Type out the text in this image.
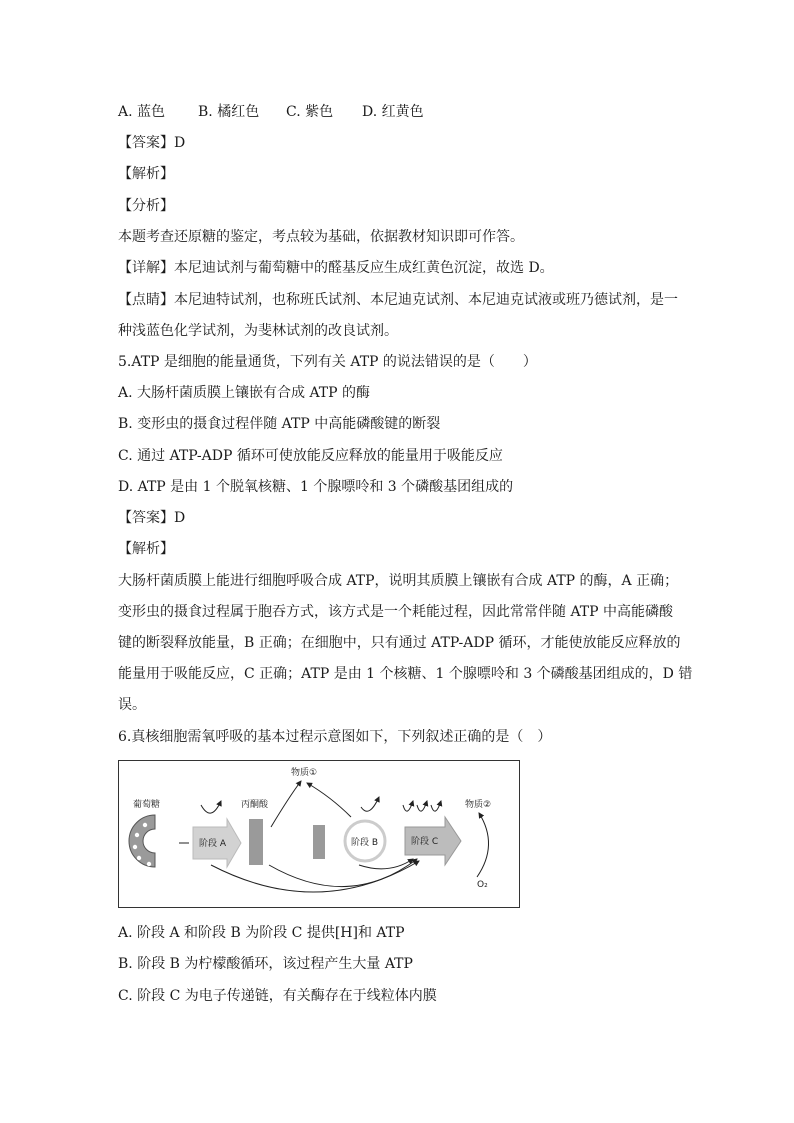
A. 蓝色 B. 橘红色 C. 紫色 D. 红黄色
【答案】D
【解析】
【分析】
本题考查还原糖的鉴定，考点较为基础，依据教材知识即可作答。
【详解】本尼迪试剂与葡萄糖中的醛基反应生成红黄色沉淀，故选 D。
【点睛】本尼迪特试剂，也称班氏试剂、本尼迪克试剂、本尼迪克试液或班乃德试剂，是一
种浅蓝色化学试剂，为斐林试剂的改良试剂。
5.ATP 是细胞的能量通货，下列有关 ATP 的说法错误的是（　　）
A. 大肠杆菌质膜上镶嵌有合成 ATP 的酶
B. 变形虫的摄食过程伴随 ATP 中高能磷酸键的断裂
C. 通过 ATP-ADP 循环可使放能反应释放的能量用于吸能反应
D. ATP 是由 1 个脱氧核糖、1 个腺嘌呤和 3 个磷酸基团组成的
【答案】D
【解析】
大肠杆菌质膜上能进行细胞呼吸合成 ATP，说明其质膜上镶嵌有合成 ATP 的酶，A 正确；
变形虫的摄食过程属于胞吞方式，该方式是一个耗能过程，因此常常伴随 ATP 中高能磷酸
键的断裂释放能量，B 正确；在细胞中，只有通过 ATP-ADP 循环，才能使放能反应释放的
能量用于吸能反应，C 正确；ATP 是由 1 个核糖、1 个腺嘌呤和 3 个磷酸基团组成的，D 错
误。
6.真核细胞需氧呼吸的基本过程示意图如下，下列叙述正确的是（　）
葡萄糖
阶段 A
丙酮酸
物质①
阶段 B	阶段 C
物质②
O₂
A. 阶段 A 和阶段 B 为阶段 C 提供[H]和 ATP
B. 阶段 B 为柠檬酸循环，该过程产生大量 ATP
C. 阶段 C 为电子传递链，有关酶存在于线粒体内膜
